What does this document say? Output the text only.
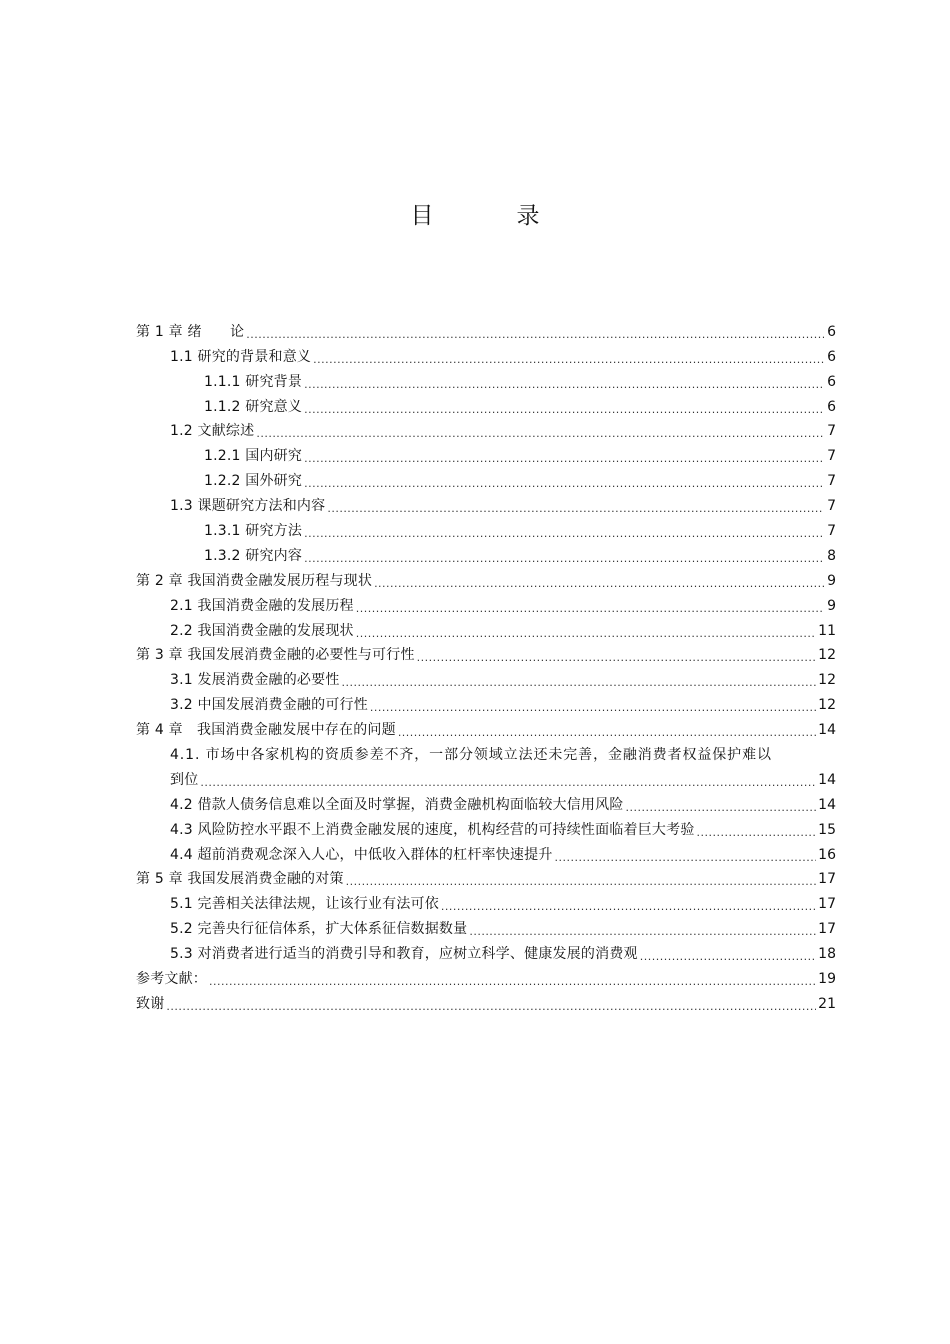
目　录
第 1 章 绪　　论 .....	6
1.1 研究的背景和意义 .....	6
1.1.1 研究背景 .....	6
1.1.2 研究意义 .....	6
1.2 文献综述 .....	7
1.2.1 国内研究 .....	7
1.2.2 国外研究 .....	7
1.3 课题研究方法和内容 .....	7
1.3.1 研究方法 .....	7
1.3.2 研究内容 .....	8
第 2 章 我国消费金融发展历程与现状 .....	9
2.1 我国消费金融的发展历程 .....	9
2.2 我国消费金融的发展现状 .....	11
第 3 章 我国发展消费金融的必要性与可行性 .....	12
3.1 发展消费金融的必要性 .....	12
3.2 中国发展消费金融的可行性 .....	12
第 4 章　我国消费金融发展中存在的问题 .....	14
4.1. 市场中各家机构的资质参差不齐，一部分领域立法还未完善，金融消费者权益保护难以
到位 .....	14
4.2 借款人债务信息难以全面及时掌握，消费金融机构面临较大信用风险 .....	14
4.3 风险防控水平跟不上消费金融发展的速度，机构经营的可持续性面临着巨大考验 .....	15
4.4 超前消费观念深入人心，中低收入群体的杠杆率快速提升 .....	16
第 5 章 我国发展消费金融的对策 .....	17
5.1 完善相关法律法规，让该行业有法可依 .....	17
5.2 完善央行征信体系，扩大体系征信数据数量 .....	17
5.3 对消费者进行适当的消费引导和教育，应树立科学、健康发展的消费观 .....	18
参考文献： .....	19
致谢 .....	21
